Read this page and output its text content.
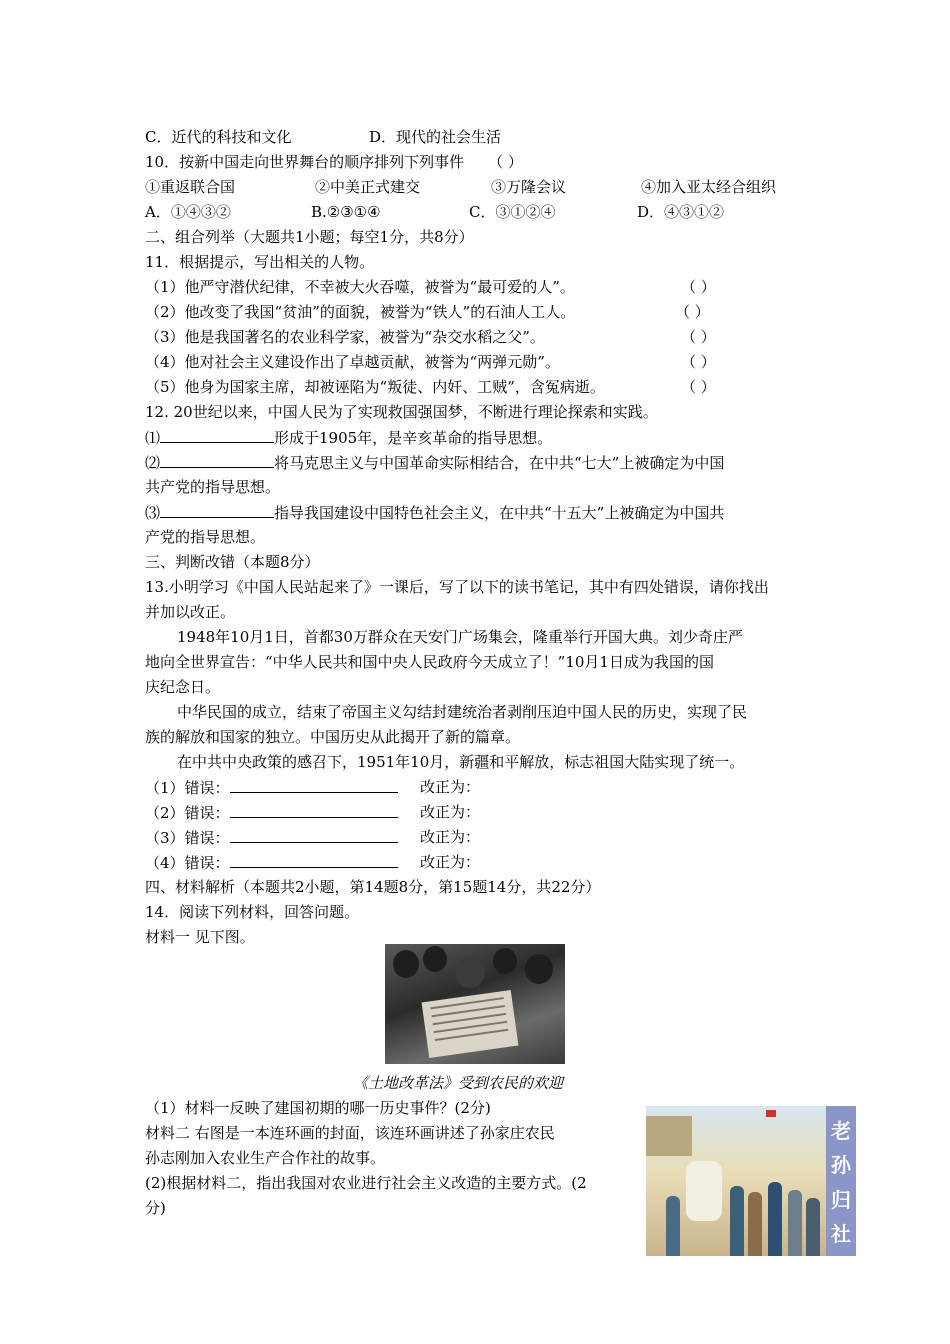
C．近代的科技和文化	D．现代的社会生活
10．按新中国走向世界舞台的顺序排列下列事件 （ ）
①重返联合国	②中美正式建交	③万隆会议	④加入亚太经合组织
A．①④③②	B.②③①④	C．③①②④	D．④③①②
二、组合列举（大题共1小题；每空1分，共8分）
11．根据提示，写出相关的人物。
（1）他严守潜伏纪律，不幸被大火吞噬，被誉为“最可爱的人”。	（ ）
（2）他改变了我国“贫油”的面貌，被誉为“铁人”的石油人工人。	（ ）
（3）他是我国著名的农业科学家，被誉为“杂交水稻之父”。	（ ）
（4）他对社会主义建设作出了卓越贡献，被誉为“两弹元勋”。	（ ）
（5）他身为国家主席，却被诬陷为“叛徒、内奸、工贼”，含冤病逝。	（ ）
12. 20世纪以来，中国人民为了实现救国强国梦，不断进行理论探索和实践。
⑴	形成于1905年，是辛亥革命的指导思想。
⑵	将马克思主义与中国革命实际相结合，在中共“七大”上被确定为中国
共产党的指导思想。
⑶	指导我国建设中国特色社会主义，在中共“十五大”上被确定为中国共
产党的指导思想。
三、判断改错（本题8分）
13.小明学习《中国人民站起来了》一课后，写了以下的读书笔记，其中有四处错误，请你找出
并加以改正。
1948年10月1日，首都30万群众在天安门广场集会，隆重举行开国大典。刘少奇庄严
地向全世界宣告：“中华人民共和国中央人民政府今天成立了！”10月1日成为我国的国
庆纪念日。
中华民国的成立，结束了帝国主义勾结封建统治者剥削压迫中国人民的历史，实现了民
族的解放和国家的独立。中国历史从此揭开了新的篇章。
在中共中央政策的感召下，1951年10月，新疆和平解放，标志祖国大陆实现了统一。
（1）错误：	改正为：
（2）错误：	改正为：
（3）错误：	改正为：
（4）错误：	改正为：
四、材料解析（本题共2小题，第14题8分，第15题14分，共22分）
14．阅读下列材料，回答问题。
材料一 见下图。
《土地改革法》受到农民的欢迎
（1）材料一反映了建国初期的哪一历史事件？(2分)
材料二 右图是一本连环画的封面，该连环画讲述了孙家庄农民
孙志刚加入农业生产合作社的故事。
(2)根据材料二，指出我国对农业进行社会主义改造的主要方式。(2
分)
老
孙
归
社
